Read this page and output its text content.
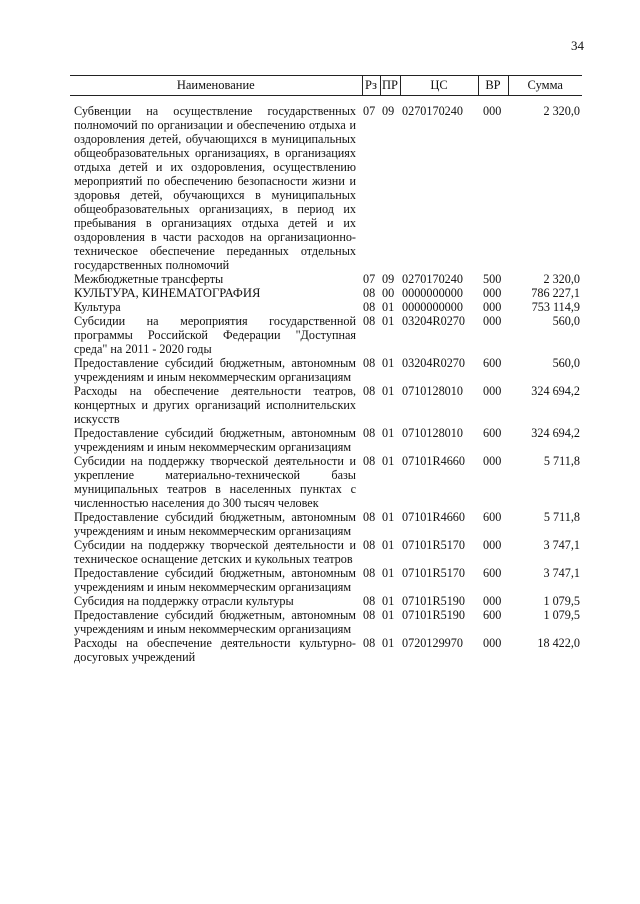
34
Наименование	Рз	ПР	ЦС	ВР	Сумма

Субвенции на осуществление государственных полномочий по организации и обеспечению отдыха и оздоровления детей, обучающихся в муниципальных общеобразовательных организациях, в организациях отдыха детей и их оздоровления, осуществлению мероприятий по обеспечению безопасности жизни и здоровья детей, обучающихся в муниципальных общеобразовательных организациях, в период их пребывания в организациях отдыха детей и их оздоровления в части расходов на организационно-техническое обеспечение переданных отдельных государственных полномочий	07	09	0270170240	000	2 320,0
Межбюджетные трансферты	07	09	0270170240	500	2 320,0
КУЛЬТУРА, КИНЕМАТОГРАФИЯ	08	00	0000000000	000	786 227,1
Культура	08	01	0000000000	000	753 114,9
Субсидии на мероприятия государственной программы Российской Федерации "Доступная среда" на 2011 - 2020 годы	08	01	03204R0270	000	560,0
Предоставление субсидий бюджетным, автономным учреждениям и иным некоммерческим организациям	08	01	03204R0270	600	560,0
Расходы на обеспечение деятельности театров, концертных и других организаций исполнительских искусств	08	01	0710128010	000	324 694,2
Предоставление субсидий бюджетным, автономным учреждениям и иным некоммерческим организациям	08	01	0710128010	600	324 694,2
Субсидии на поддержку творческой деятельности и укрепление материально-технической базы муниципальных театров в населенных пунктах с численностью населения до 300 тысяч человек	08	01	07101R4660	000	5 711,8
Предоставление субсидий бюджетным, автономным учреждениям и иным некоммерческим организациям	08	01	07101R4660	600	5 711,8
Субсидии на поддержку творческой деятельности и техническое оснащение детских и кукольных театров	08	01	07101R5170	000	3 747,1
Предоставление субсидий бюджетным, автономным учреждениям и иным некоммерческим организациям	08	01	07101R5170	600	3 747,1
Субсидия на поддержку отрасли культуры	08	01	07101R5190	000	1 079,5
Предоставление субсидий бюджетным, автономным учреждениям и иным некоммерческим организациям	08	01	07101R5190	600	1 079,5
Расходы на обеспечение деятельности культурно-досуговых учреждений	08	01	0720129970	000	18 422,0
